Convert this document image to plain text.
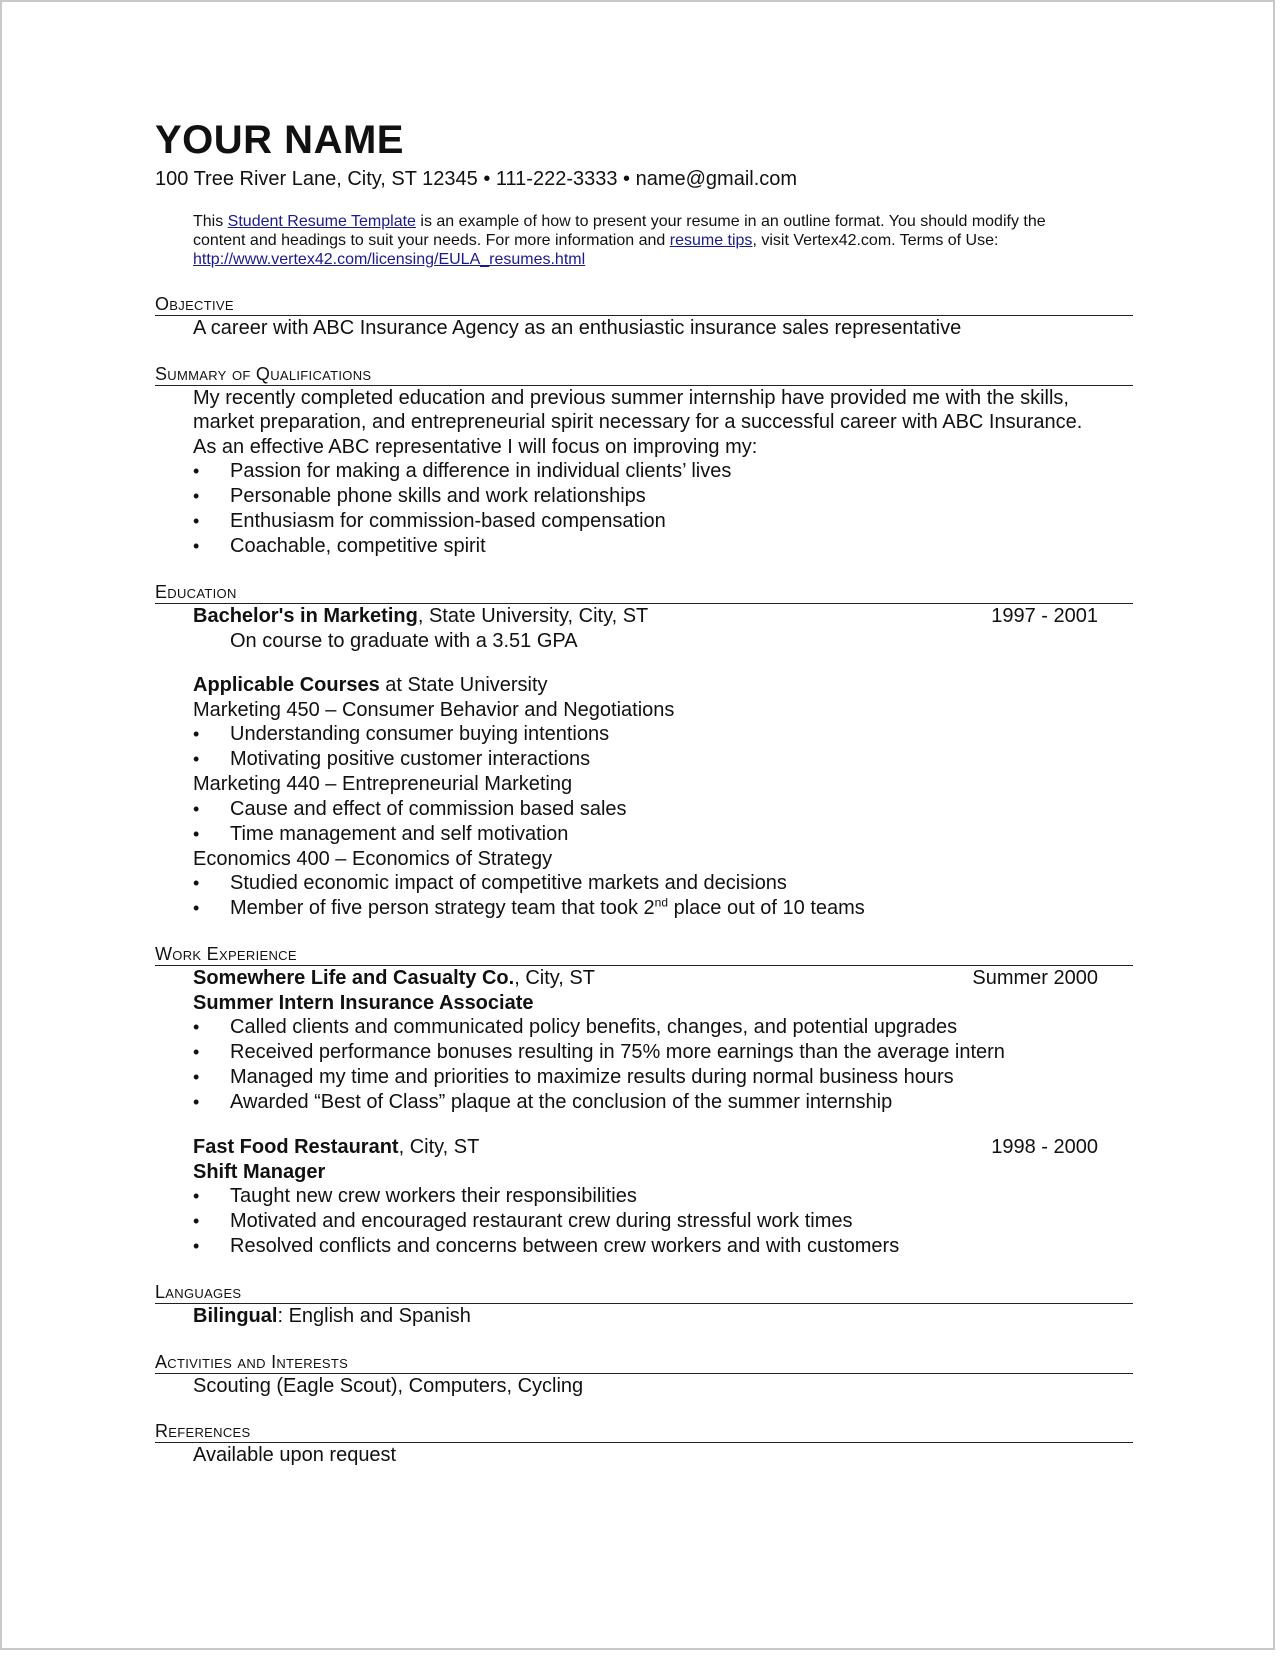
YOUR NAME
100 Tree River Lane, City, ST 12345 • 111-222-3333 • name@gmail.com
This Student Resume Template is an example of how to present your resume in an outline format. You should modify the content and headings to suit your needs. For more information and resume tips, visit Vertex42.com. Terms of Use: http://www.vertex42.com/licensing/EULA_resumes.html
Objective

A career with ABC Insurance Agency as an enthusiastic insurance sales representative

Summary of Qualifications

My recently completed education and previous summer internship have provided me with the skills,

market preparation, and entrepreneurial spirit necessary for a successful career with ABC Insurance.

As an effective ABC representative I will focus on improving my:

• Passion for making a difference in individual clients’ lives
• Personable phone skills and work relationships
• Enthusiasm for commission-based compensation
• Coachable, competitive spirit
Education
Bachelor's in Marketing, State University, City, ST	1997 - 2001

On course to graduate with a 3.51 GPA

Applicable Courses at State University

Marketing 450 – Consumer Behavior and Negotiations

• Understanding consumer buying intentions
• Motivating positive customer interactions

Marketing 440 – Entrepreneurial Marketing

• Cause and effect of commission based sales
• Time management and self motivation

Economics 400 – Economics of Strategy

• Studied economic impact of competitive markets and decisions
• Member of five person strategy team that took 2nd place out of 10 teams
Work Experience
Somewhere Life and Casualty Co., City, ST	Summer 2000

Summer Intern Insurance Associate

• Called clients and communicated policy benefits, changes, and potential upgrades
• Received performance bonuses resulting in 75% more earnings than the average intern
• Managed my time and priorities to maximize results during normal business hours
• Awarded “Best of Class” plaque at the conclusion of the summer internship
Fast Food Restaurant, City, ST	1998 - 2000

Shift Manager

• Taught new crew workers their responsibilities
• Motivated and encouraged restaurant crew during stressful work times
• Resolved conflicts and concerns between crew workers and with customers
Languages

Bilingual: English and Spanish

Activities and Interests

Scouting (Eagle Scout), Computers, Cycling

References

Available upon request
